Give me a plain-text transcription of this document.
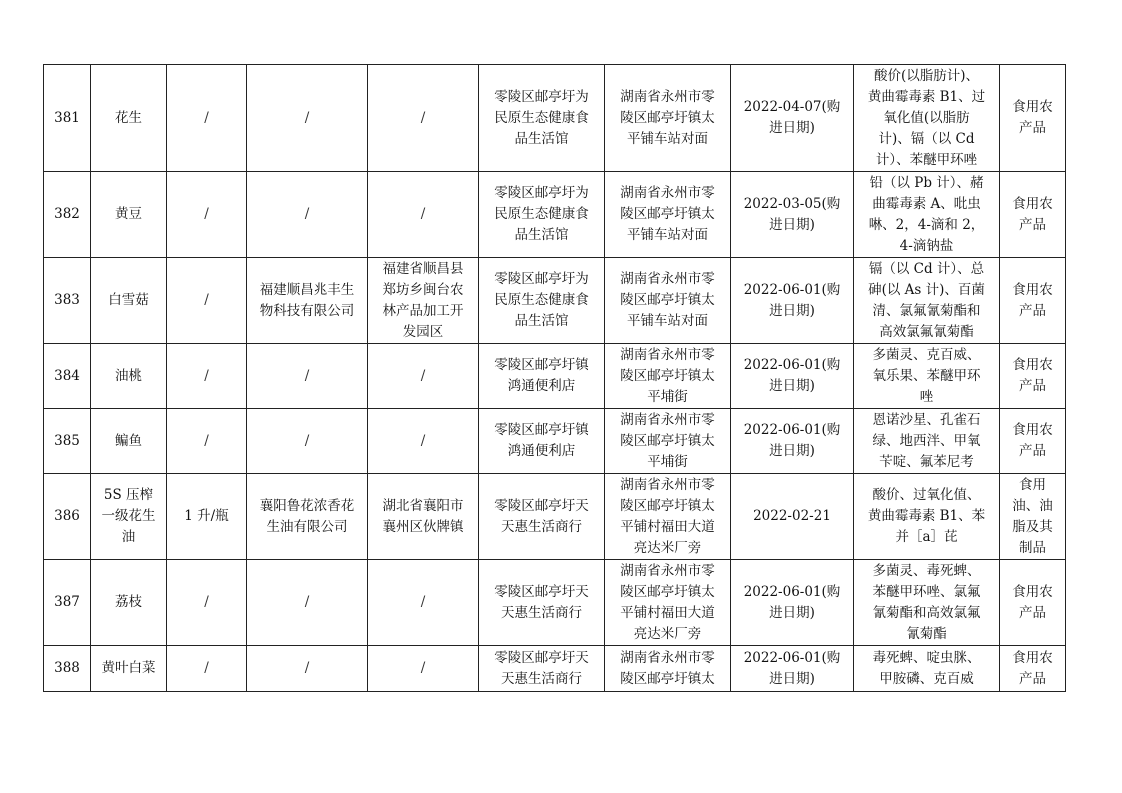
381	花生	/	/	/	零陵区邮亭圩为
民原生态健康食
品生活馆	湖南省永州市零
陵区邮亭圩镇太
平铺车站对面	2022-04-07(购
进日期)	酸价(以脂肪计)、
黄曲霉毒素 B1、过
氧化值(以脂肪
计)、镉（以 Cd
计）、苯醚甲环唑	食用农
产品
382	黄豆	/	/	/	零陵区邮亭圩为
民原生态健康食
品生活馆	湖南省永州市零
陵区邮亭圩镇太
平铺车站对面	2022-03-05(购
进日期)	铅（以 Pb 计）、赭
曲霉毒素 A、吡虫
啉、2，4-滴和 2，
4-滴钠盐	食用农
产品
383	白雪菇	/	福建顺昌兆丰生
物科技有限公司	福建省顺昌县
郑坊乡闽台农
林产品加工开
发园区	零陵区邮亭圩为
民原生态健康食
品生活馆	湖南省永州市零
陵区邮亭圩镇太
平铺车站对面	2022-06-01(购
进日期)	镉（以 Cd 计）、总
砷(以 As 计)、百菌
清、氯氟氰菊酯和
高效氯氟氰菊酯	食用农
产品
384	油桃	/	/	/	零陵区邮亭圩镇
鸿通便利店	湖南省永州市零
陵区邮亭圩镇太
平埔街	2022-06-01(购
进日期)	多菌灵、克百威、
氧乐果、苯醚甲环
唑	食用农
产品
385	鳊鱼	/	/	/	零陵区邮亭圩镇
鸿通便利店	湖南省永州市零
陵区邮亭圩镇太
平埔街	2022-06-01(购
进日期)	恩诺沙星、孔雀石
绿、地西泮、甲氧
苄啶、氟苯尼考	食用农
产品
386	5S 压榨
一级花生
油	1 升/瓶	襄阳鲁花浓香花
生油有限公司	湖北省襄阳市
襄州区伙牌镇	零陵区邮亭圩天
天惠生活商行	湖南省永州市零
陵区邮亭圩镇太
平铺村福田大道
亮达米厂旁	2022-02-21	酸价、过氧化值、
黄曲霉毒素 B1、苯
并［a］芘	食用
油、油
脂及其
制品
387	荔枝	/	/	/	零陵区邮亭圩天
天惠生活商行	湖南省永州市零
陵区邮亭圩镇太
平铺村福田大道
亮达米厂旁	2022-06-01(购
进日期)	多菌灵、毒死蜱、
苯醚甲环唑、氯氟
氰菊酯和高效氯氟
氰菊酯	食用农
产品
388	黄叶白菜	/	/	/	零陵区邮亭圩天
天惠生活商行	湖南省永州市零
陵区邮亭圩镇太	2022-06-01(购
进日期)	毒死蜱、啶虫脒、
甲胺磷、克百威	食用农
产品
